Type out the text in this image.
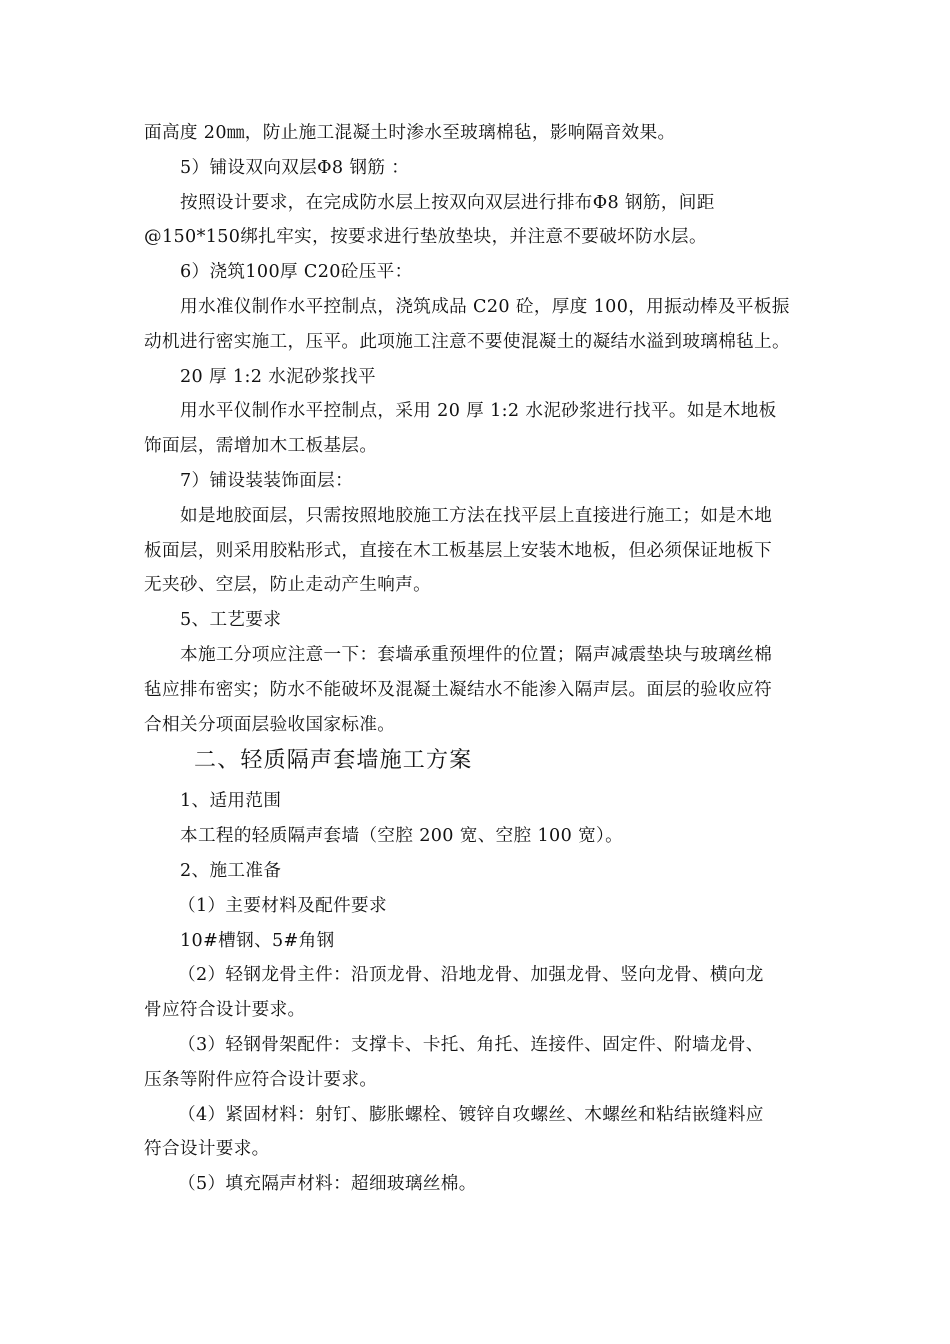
面高度 20㎜，防止施工混凝土时渗水至玻璃棉毡，影响隔音效果。
5）铺设双向双层Φ8 钢筋 ：
按照设计要求，在完成防水层上按双向双层进行排布Φ8 钢筋，间距
@150*150绑扎牢实，按要求进行垫放垫块，并注意不要破坏防水层。
6）浇筑100厚 C20砼压平：
用水准仪制作水平控制点，浇筑成品 C20 砼，厚度 100，用振动棒及平板振
动机进行密实施工，压平。此项施工注意不要使混凝土的凝结水溢到玻璃棉毡上。
20 厚 1:2 水泥砂浆找平
用水平仪制作水平控制点，采用 20 厚 1:2 水泥砂浆进行找平。如是木地板
饰面层，需增加木工板基层。
7）铺设装装饰面层：
如是地胶面层，只需按照地胶施工方法在找平层上直接进行施工；如是木地
板面层，则采用胶粘形式，直接在木工板基层上安装木地板，但必须保证地板下
无夹砂、空层，防止走动产生响声。
5、工艺要求
本施工分项应注意一下：套墙承重预埋件的位置；隔声减震垫块与玻璃丝棉
毡应排布密实；防水不能破坏及混凝土凝结水不能渗入隔声层。面层的验收应符
合相关分项面层验收国家标准。
二、轻质隔声套墙施工方案
1、适用范围
本工程的轻质隔声套墙（空腔 200 宽、空腔 100 宽）。
2、施工准备
（1）主要材料及配件要求
10#槽钢、5#角钢
（2）轻钢龙骨主件：沿顶龙骨、沿地龙骨、加强龙骨、竖向龙骨、横向龙
骨应符合设计要求。
（3）轻钢骨架配件：支撑卡、卡托、角托、连接件、固定件、附墙龙骨、
压条等附件应符合设计要求。
（4）紧固材料：射钉、膨胀螺栓、镀锌自攻螺丝、木螺丝和粘结嵌缝料应
符合设计要求。
（5）填充隔声材料：超细玻璃丝棉。
